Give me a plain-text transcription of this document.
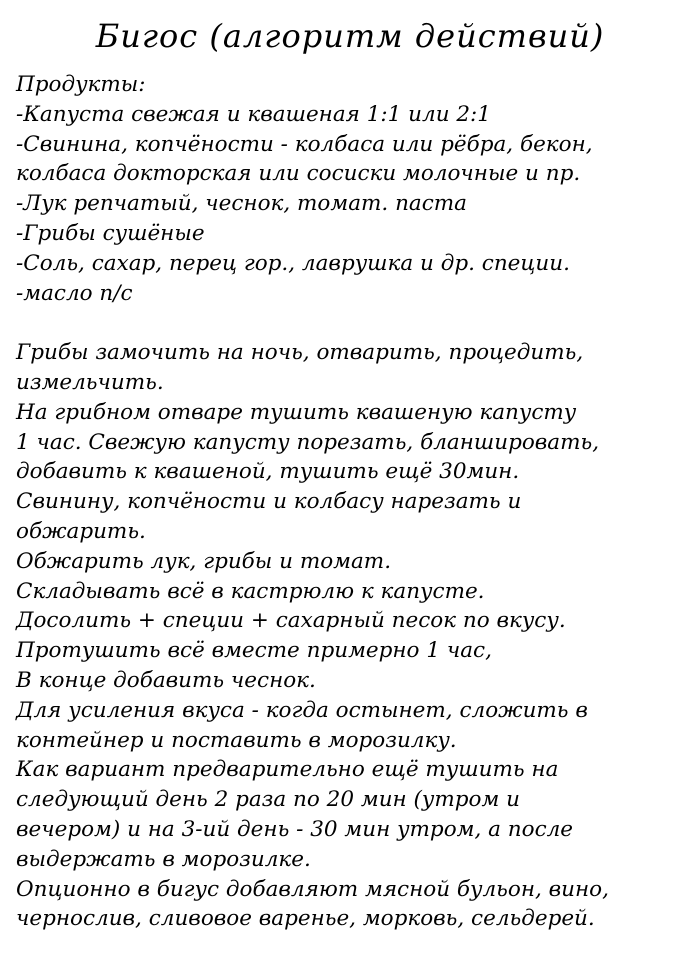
Бигос (алгоритм действий)
Продукты:
-Капуста свежая и квашеная 1:1 или 2:1
-Свинина, копчёности - колбаса или рёбра, бекон,
колбаса докторская или сосиски молочные и пр.
-Лук репчатый, чеснок, томат. паста
-Грибы сушёные
-Соль, сахар, перец гор., лаврушка и др. специи.
-масло п/с
Грибы замочить на ночь, отварить, процедить,
измельчить.
На грибном отваре тушить квашеную капусту
1 час. Свежую капусту порезать, бланшировать,
добавить к квашеной, тушить ещё 30мин.
Свинину, копчёности и колбасу нарезать и
обжарить.
Обжарить лук, грибы и томат.
Складывать всё в кастрюлю к капусте.
Досолить + специи + сахарный песок по вкусу.
Протушить всё вместе примерно 1 час,
В конце добавить чеснок.
Для усиления вкуса - когда остынет, сложить в
контейнер и поставить в морозилку.
Как вариант предварительно ещё тушить на
следующий день 2 раза по 20 мин (утром и
вечером) и на 3-ий день - 30 мин утром, а после
выдержать в морозилке.
Опционно в бигус добавляют мясной бульон, вино,
чернослив, сливовое варенье, морковь, сельдерей.
